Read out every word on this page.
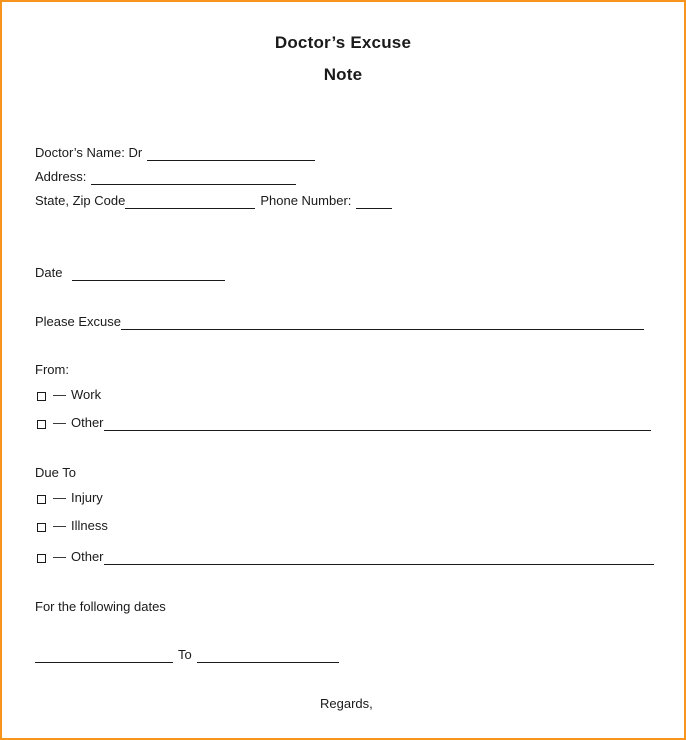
Doctor’s Excuse
Note
Doctor’s Name: Dr
Address:
State, Zip Code	Phone Number:
Date
Please Excuse
From:
— Work
— Other
Due To
— Injury
— Illness
— Other
For the following dates
To
Regards,
